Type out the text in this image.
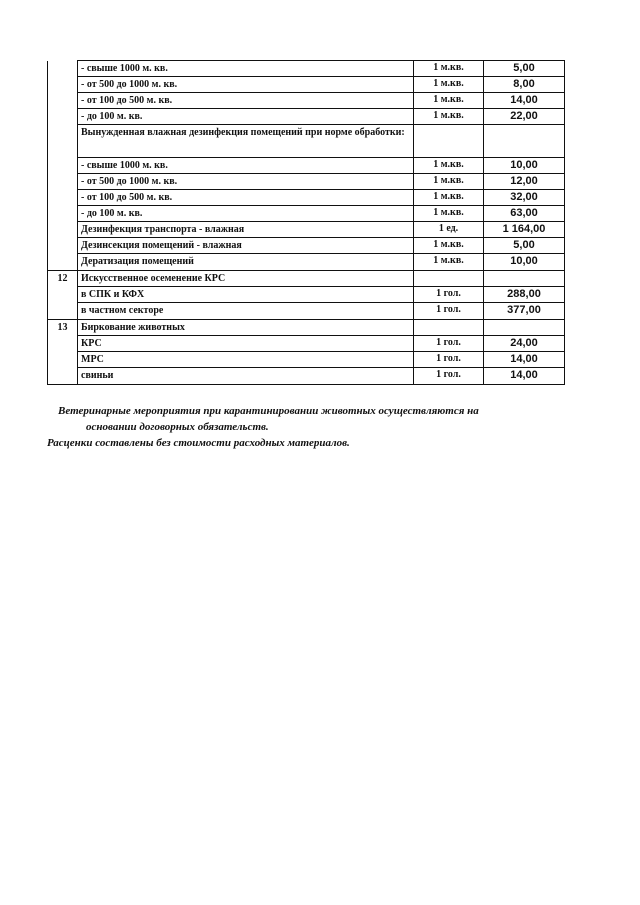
	- свыше 1000 м. кв.	1 м.кв.	5,00
	- от 500 до 1000 м. кв.	1 м.кв.	8,00
	- от 100 до 500 м. кв.	1 м.кв.	14,00
	- до 100 м. кв.	1 м.кв.	22,00
	Вынужденная влажная дезинфекция помещений при норме обработки:		
	- свыше 1000 м. кв.	1 м.кв.	10,00
	- от 500 до 1000 м. кв.	1 м.кв.	12,00
	- от 100 до 500 м. кв.	1 м.кв.	32,00
	- до 100 м. кв.	1 м.кв.	63,00
	Дезинфекция транспорта - влажная	1 ед.	1 164,00
	Дезинсекция помещений - влажная	1 м.кв.	5,00
	Дератизация помещений	1 м.кв.	10,00
12	Искусственное осеменение КРС		
	в СПК и КФХ	1 гол.	288,00
	в частном секторе	1 гол.	377,00
13	Биркование животных		
	КРС	1 гол.	24,00
	МРС	1 гол.	14,00
	свиньи	1 гол.	14,00
Ветеринарные мероприятия при карантинировании животных осуществляются на
основании договорных обязательств.
Расценки составлены без стоимости расходных материалов.
